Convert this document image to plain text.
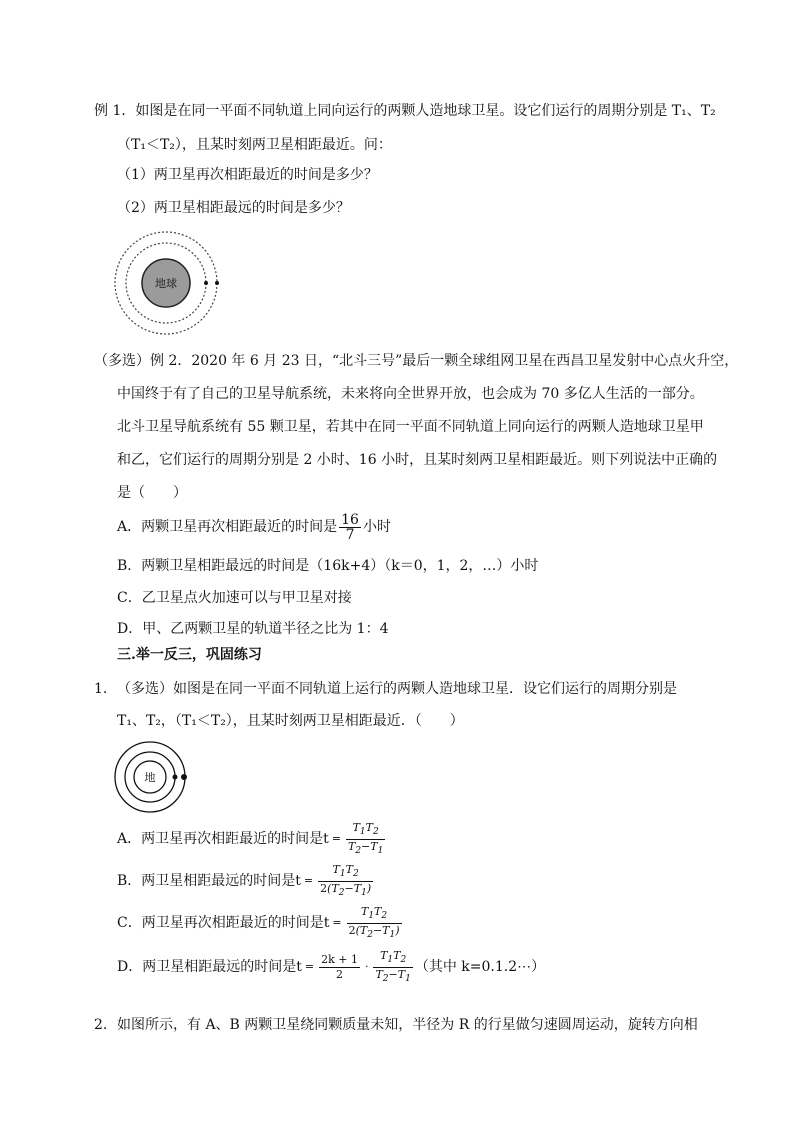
例 1．如图是在同一平面不同轨道上同向运行的两颗人造地球卫星。设它们运行的周期分别是 T₁、T₂
（T₁＜T₂），且某时刻两卫星相距最近。问：
（1）两卫星再次相距最近的时间是多少？
（2）两卫星相距最远的时间是多少？
地球
（多选）例 2．2020 年 6 月 23 日，“北斗三号”最后一颗全球组网卫星在西昌卫星发射中心点火升空，
中国终于有了自己的卫星导航系统，未来将向全世界开放，也会成为 70 多亿人生活的一部分。
北斗卫星导航系统有 55 颗卫星，若其中在同一平面不同轨道上同向运行的两颗人造地球卫星甲
和乙，它们运行的周期分别是 2 小时、16 小时，且某时刻两卫星相距最近。则下列说法中正确的
是（　　）
A．两颗卫星再次相距最近的时间是 $\frac{16}{7}$ 小时
B．两颗卫星相距最远的时间是（16k+4）（k＝0，1，2，…）小时
C．乙卫星点火加速可以与甲卫星对接
D．甲、乙两颗卫星的轨道半径之比为 1：4
三.举一反三，巩固练习
1. （多选）如图是在同一平面不同轨道上运行的两颗人造地球卫星．设它们运行的周期分别是
T₁、T₂，（T₁＜T₂），且某时刻两卫星相距最近．（　　）
地
A．两卫星再次相距最近的时间是$t = \frac{T_1T_2}{T_2-T_1}$
B．两卫星相距最远的时间是$t = \frac{T_1T_2}{2(T_2-T_1)}$
C．两卫星再次相距最近的时间是$t = \frac{T_1T_2}{2(T_2-T_1)}$
D．两卫星相距最远的时间是$t = \frac{2k + 1}{2} \cdot \frac{T_1T_2}{T_2-T_1}$ （其中 k=0.1.2⋯）
2. 如图所示，有 A、B 两颗卫星绕同颗质量未知，半径为 R 的行星做匀速圆周运动，旋转方向相
